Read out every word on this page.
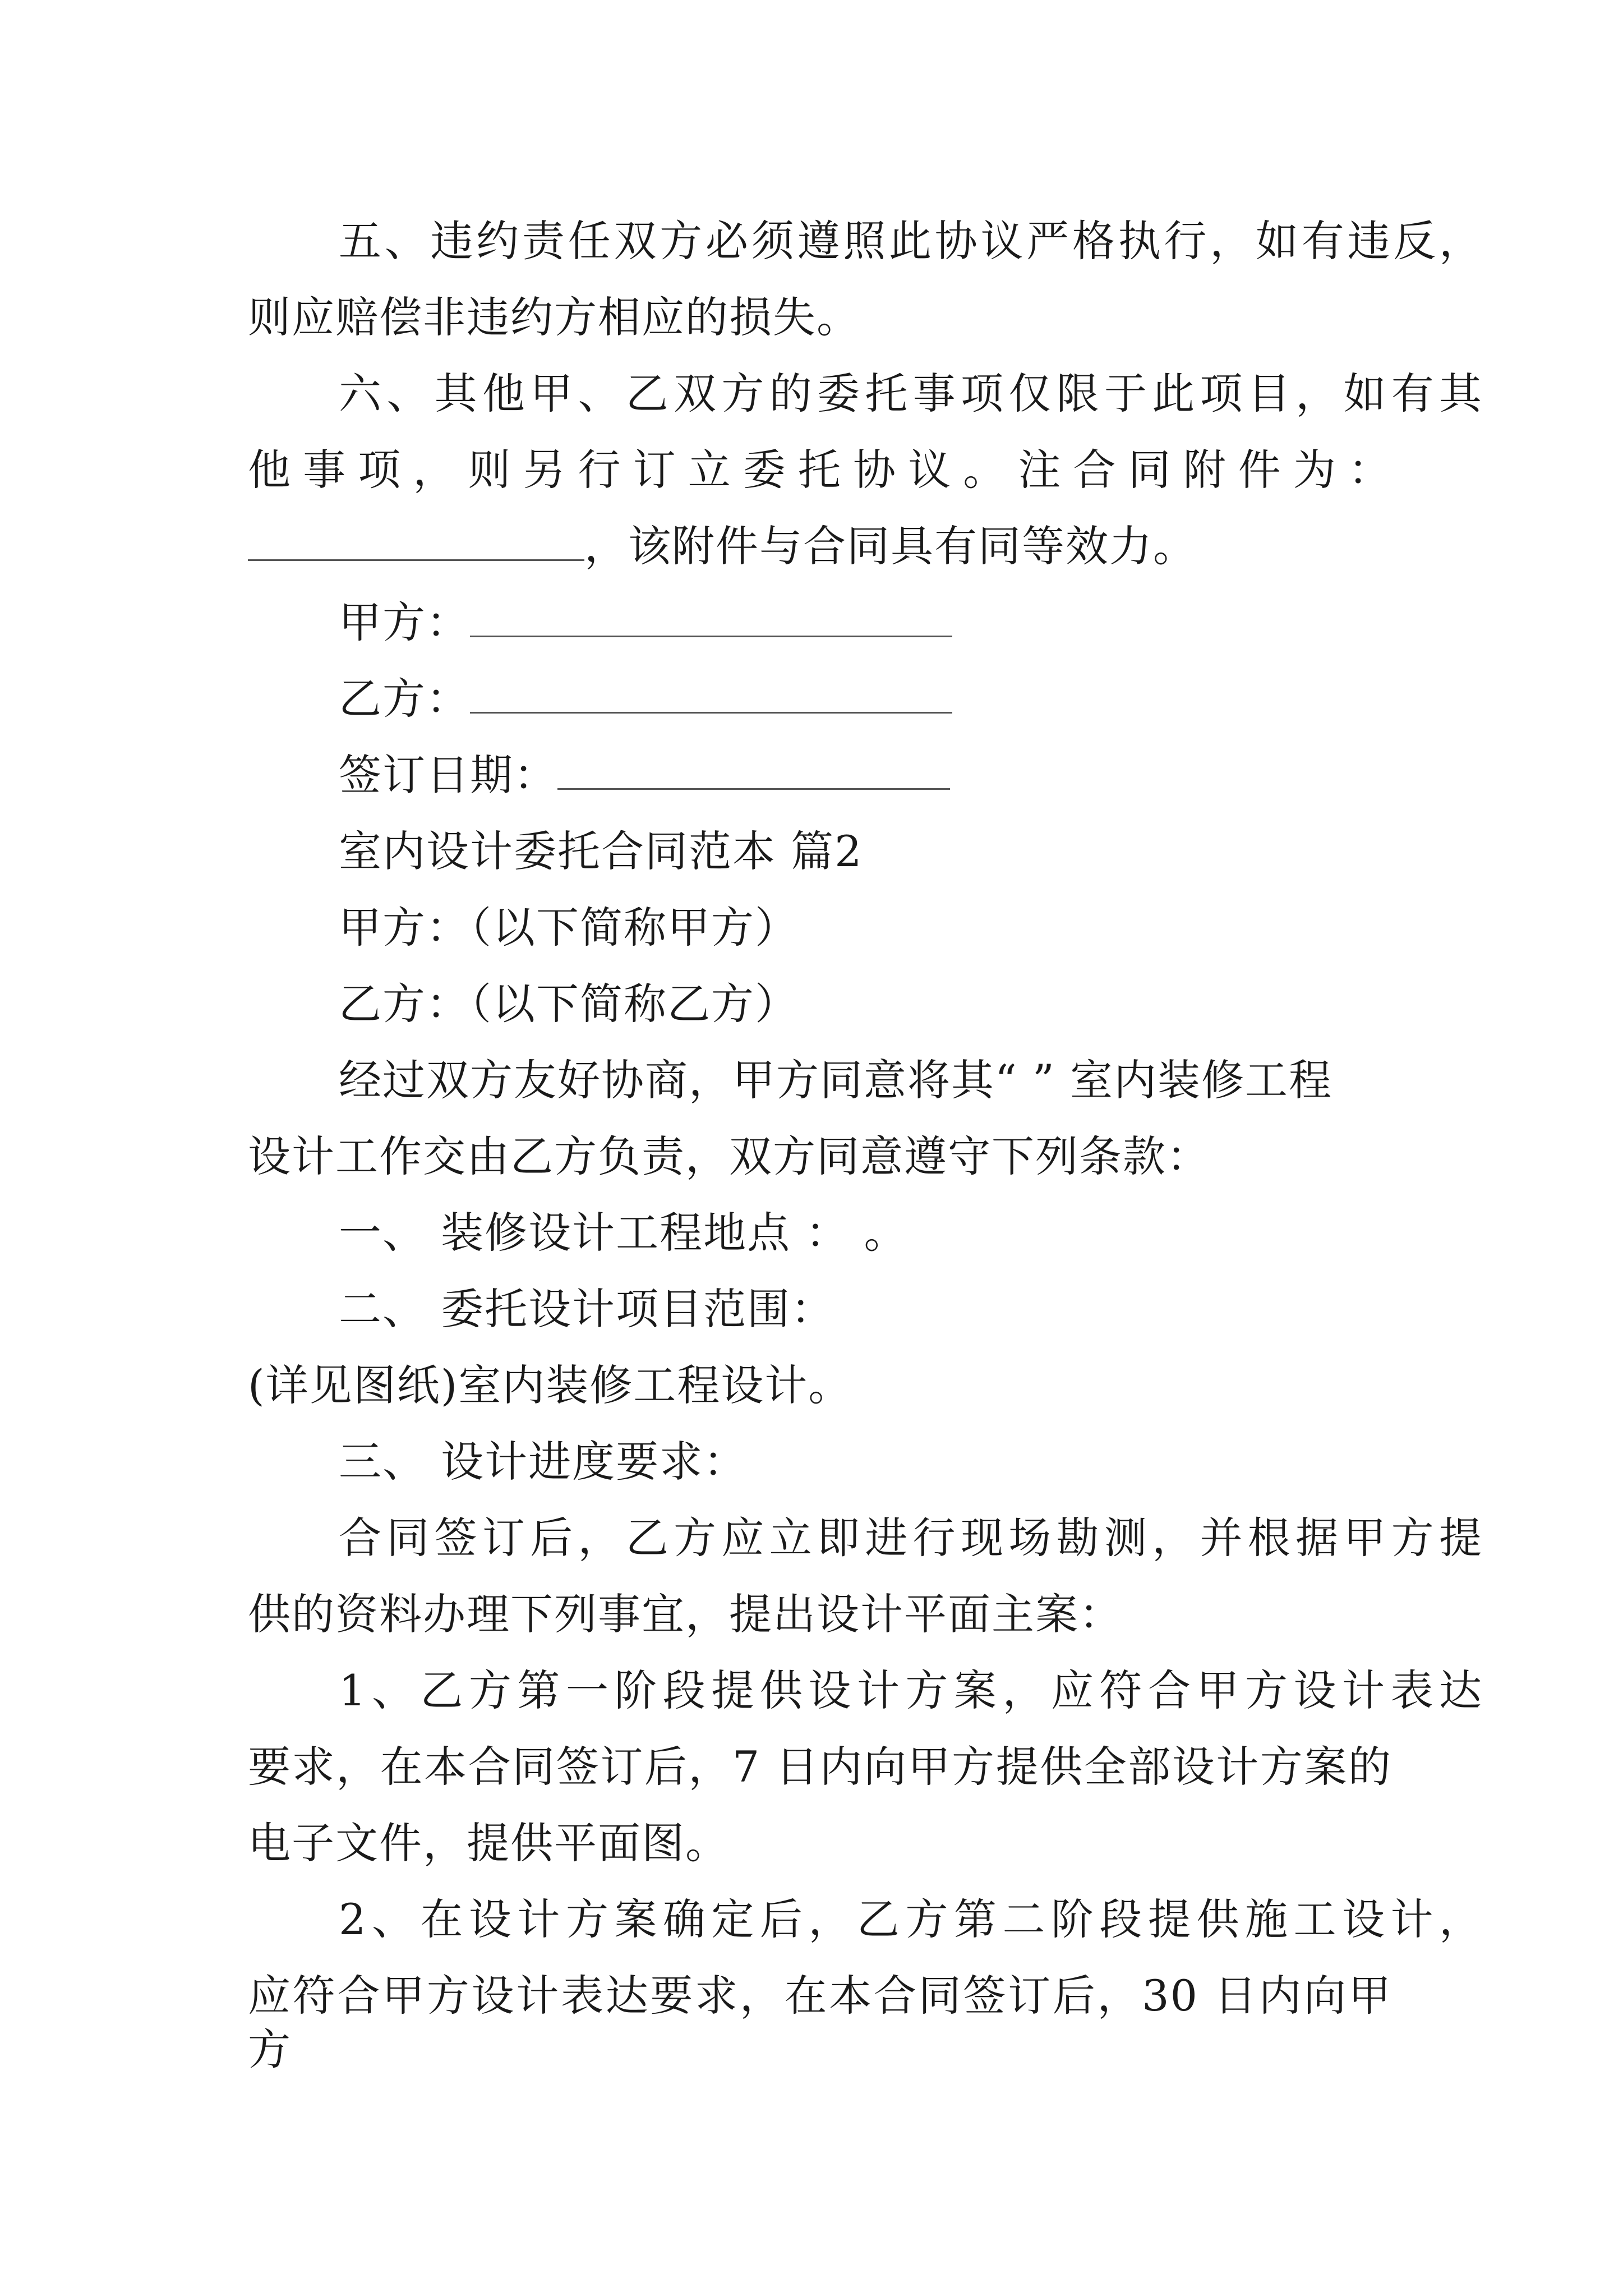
五、违约责任双方必须遵照此协议严格执行，如有违反，
则应赔偿非违约方相应的损失。
六、其他甲、乙双方的委托事项仅限于此项目，如有其
他事项，则另行订立委托协议。注合同附件为：
，该附件与合同具有同等效力。
甲方：
乙方：
签订日期：
室内设计委托合同范本 篇2
甲方：（以下简称甲方）
乙方：（以下简称乙方）
经过双方友好协商，甲方同意将其“ ” 室内装修工程
设计工作交由乙方负责，双方同意遵守下列条款：
一、 装修设计工程地点 ： 。
二、 委托设计项目范围：
(详见图纸)室内装修工程设计。
三、 设计进度要求：
合同签订后，乙方应立即进行现场勘测，并根据甲方提
供的资料办理下列事宜，提出设计平面主案：
1、乙方第一阶段提供设计方案，应符合甲方设计表达
要求，在本合同签订后，7 日内向甲方提供全部设计方案的
电子文件，提供平面图。
2、在设计方案确定后，乙方第二阶段提供施工设计，
应符合甲方设计表达要求，在本合同签订后，30 日内向甲方
